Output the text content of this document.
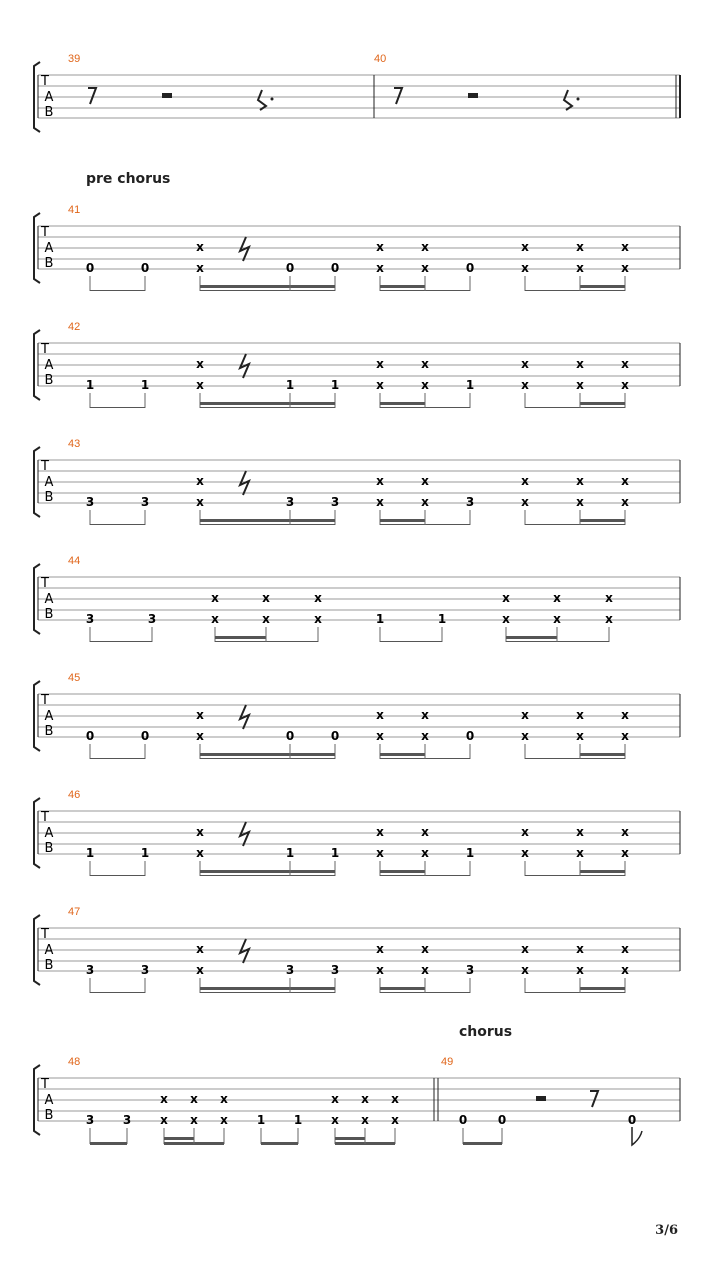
39	40
T
A
B
pre chorus
41
T
A
B	0	0	x	0	0	x	x	0	x	x	x
x	x	x	x	x	x
42
T
A
B	1	1	x	1	1	x	x	1	x	x	x
x	x	x	x	x	x
43
T
A
B	3	3	x	3	3	x	x	3	x	x	x
x	x	x	x	x	x
44
T
A
B	3	3	x	x	x	1	1	x	x	x
x	x	x	x	x	x
45
T
A
B	0	0	x	0	0	x	x	0	x	x	x
x	x	x	x	x	x
46
T
A
B	1	1	x	1	1	x	x	1	x	x	x
x	x	x	x	x	x
47
T
A
B	3	3	x	3	3	x	x	3	x	x	x
x	x	x	x	x	x
chorus
48	49
T
A
B	3 3 x x x 1 1 x x x	0	0	0
x x x	x x x
3/6
